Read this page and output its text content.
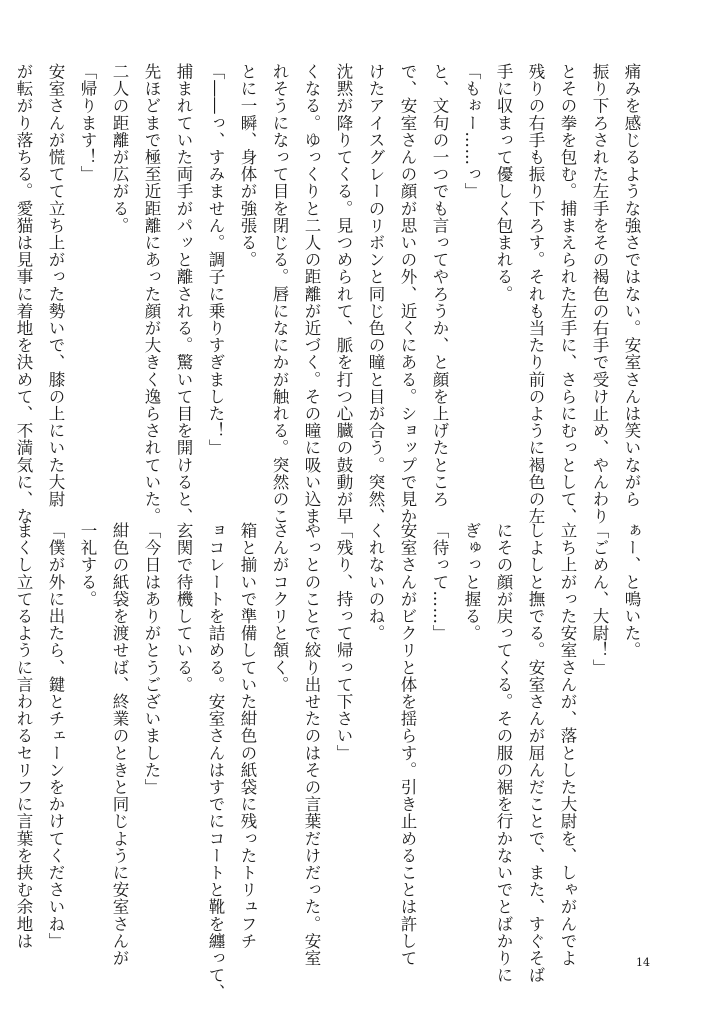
痛みを感じるような強さではない。安室さんは笑いながら
振り下ろされた左手をその褐色の右手で受け止め、やんわり
とその拳を包む。捕まえられた左手に、さらにむっとして、
残りの右手も振り下ろす。それも当たり前のように褐色の左
手に収まって優しく包まれる。
「もぉー……っ」
と、文句の一つでも言ってやろうか、と顔を上げたところ
で、安室さんの顔が思いの外、近くにある。ショップで見か
けたアイスグレーのリボンと同じ色の瞳と目が合う。突然、
沈黙が降りてくる。見つめられて、脈を打つ心臓の鼓動が早
くなる。ゆっくりと二人の距離が近づく。その瞳に吸い込ま
れそうになって目を閉じる。唇になにかが触れる。突然のこ
とに一瞬、身体が強張る。
「――っ、すみません。調子に乗りすぎました！」
捕まれていた両手がパッと離される。驚いて目を開けると、
先ほどまで極至近距離にあった顔が大きく逸らされていた。
二人の距離が広がる。
「帰ります！」
安室さんが慌てて立ち上がった勢いで、膝の上にいた大尉
が転がり落ちる。愛猫は見事に着地を決めて、不満気に、な
ぁー、と鳴いた。
「ごめん、大尉！」
立ち上がった安室さんが、落とした大尉を、しゃがんでよ
しよしと撫でる。安室さんが屈んだことで、また、すぐそば
にその顔が戻ってくる。その服の裾を行かないでとばかりに
ぎゅっと握る。
「待って……」
安室さんがビクリと体を揺らす。引き止めることは許して
くれないのね。
「残り、持って帰って下さい」
やっとのことで絞り出せたのはその言葉だけだった。安室
さんがコクリと頷く。
箱と揃いで準備していた紺色の紙袋に残ったトリュフチ
ョコレートを詰める。安室さんはすでにコートと靴を纏って、
玄関で待機している。
「今日はありがとうございました」
紺色の紙袋を渡せば、終業のときと同じように安室さんが
一礼する。
「僕が外に出たら、鍵とチェーンをかけてくださいね」
まくし立てるように言われるセリフに言葉を挟む余地は
14
